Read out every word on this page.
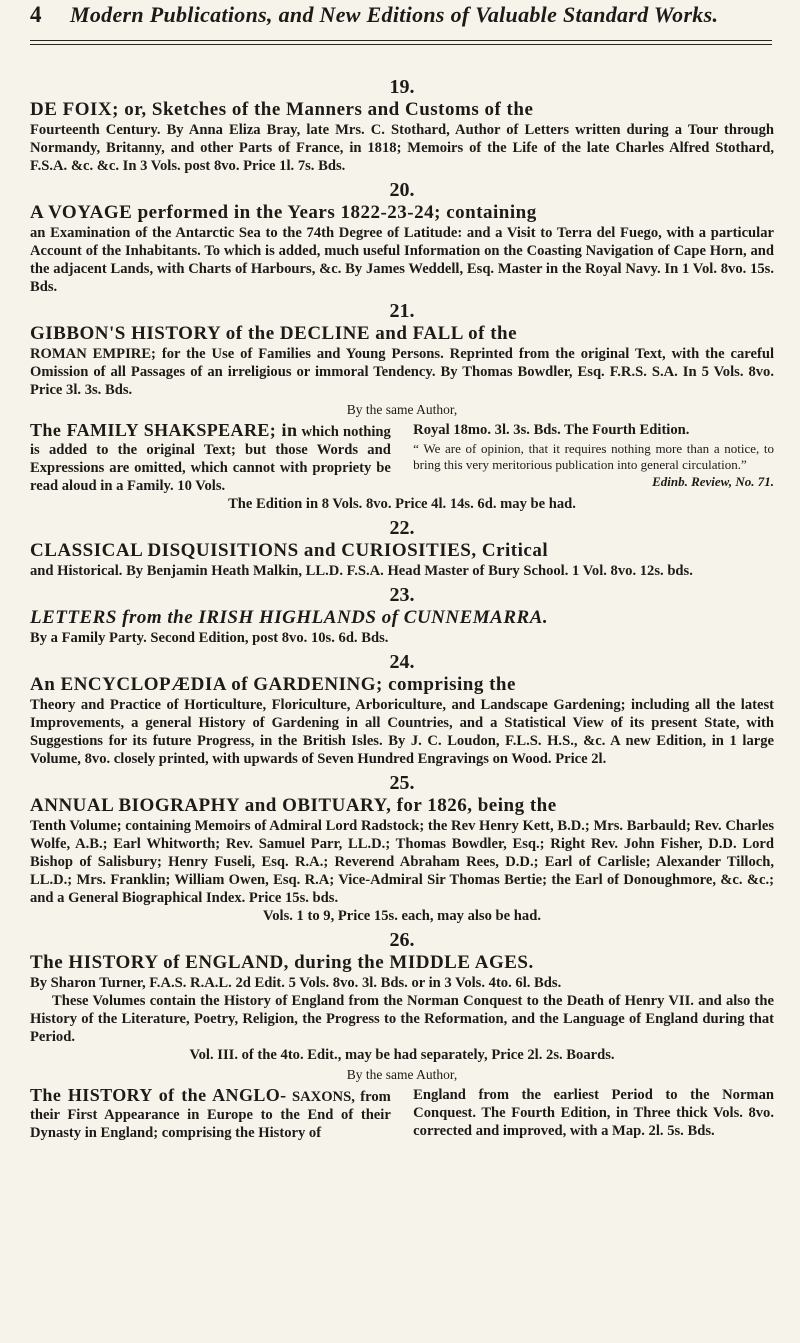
4 Modern Publications, and New Editions of Valuable Standard Works.
19.
DE FOIX; or, Sketches of the Manners and Customs of the
Fourteenth Century. By Anna Eliza Bray, late Mrs. C. Stothard, Author of Letters written during a Tour through Normandy, Britanny, and other Parts of France, in 1818; Memoirs of the Life of the late Charles Alfred Stothard, F.S.A. &c. &c. In 3 Vols. post 8vo. Price 1l. 7s. Bds.
20.
A VOYAGE performed in the Years 1822-23-24; containing
an Examination of the Antarctic Sea to the 74th Degree of Latitude: and a Visit to Terra del Fuego, with a particular Account of the Inhabitants. To which is added, much useful Information on the Coasting Navigation of Cape Horn, and the adjacent Lands, with Charts of Harbours, &c. By James Weddell, Esq. Master in the Royal Navy. In 1 Vol. 8vo. 15s. Bds.
21.
GIBBON'S HISTORY of the DECLINE and FALL of the
ROMAN EMPIRE; for the Use of Families and Young Persons. Reprinted from the original Text, with the careful Omission of all Passages of an irreligious or immoral Tendency. By Thomas Bowdler, Esq. F.R.S. S.A. In 5 Vols. 8vo. Price 3l. 3s. Bds.
By the same Author,
The FAMILY SHAKSPEARE; in which nothing is added to the original Text; but those Words and Expressions are omitted, which cannot with propriety be read aloud in a Family. 10 Vols.
Royal 18mo. 3l. 3s. Bds. The Fourth Edition.
“ We are of opinion, that it requires nothing more than a notice, to bring this very meritorious publication into general circulation.”
Edinb. Review, No. 71.
The Edition in 8 Vols. 8vo. Price 4l. 14s. 6d. may be had.
22.
CLASSICAL DISQUISITIONS and CURIOSITIES, Critical
and Historical. By Benjamin Heath Malkin, LL.D. F.S.A. Head Master of Bury School. 1 Vol. 8vo. 12s. bds.
23.
LETTERS from the IRISH HIGHLANDS of CUNNEMARRA.
By a Family Party. Second Edition, post 8vo. 10s. 6d. Bds.
24.
An ENCYCLOPÆDIA of GARDENING; comprising the
Theory and Practice of Horticulture, Floriculture, Arboriculture, and Landscape Gardening; including all the latest Improvements, a general History of Gardening in all Countries, and a Statistical View of its present State, with Suggestions for its future Progress, in the British Isles. By J. C. Loudon, F.L.S. H.S., &c. A new Edition, in 1 large Volume, 8vo. closely printed, with upwards of Seven Hundred Engravings on Wood. Price 2l.
25.
ANNUAL BIOGRAPHY and OBITUARY, for 1826, being the
Tenth Volume; containing Memoirs of Admiral Lord Radstock; the Rev Henry Kett, B.D.; Mrs. Barbauld; Rev. Charles Wolfe, A.B.; Earl Whitworth; Rev. Samuel Parr, LL.D.; Thomas Bowdler, Esq.; Right Rev. John Fisher, D.D. Lord Bishop of Salisbury; Henry Fuseli, Esq. R.A.; Reverend Abraham Rees, D.D.; Earl of Carlisle; Alexander Tilloch, LL.D.; Mrs. Franklin; William Owen, Esq. R.A; Vice-Admiral Sir Thomas Bertie; the Earl of Donoughmore, &c. &c.; and a General Biographical Index. Price 15s. bds.
Vols. 1 to 9, Price 15s. each, may also be had.
26.
The HISTORY of ENGLAND, during the MIDDLE AGES.
By Sharon Turner, F.A.S. R.A.L. 2d Edit. 5 Vols. 8vo. 3l. Bds. or in 3 Vols. 4to. 6l. Bds.
These Volumes contain the History of England from the Norman Conquest to the Death of Henry VII. and also the History of the Literature, Poetry, Religion, the Progress to the Reformation, and the Language of England during that Period.
Vol. III. of the 4to. Edit., may be had separately, Price 2l. 2s. Boards.
By the same Author,
The HISTORY of the ANGLO- SAXONS, from their First Appearance in Europe to the End of their Dynasty in England; comprising the History of
England from the earliest Period to the Norman Conquest. The Fourth Edition, in Three thick Vols. 8vo. corrected and improved, with a Map. 2l. 5s. Bds.
